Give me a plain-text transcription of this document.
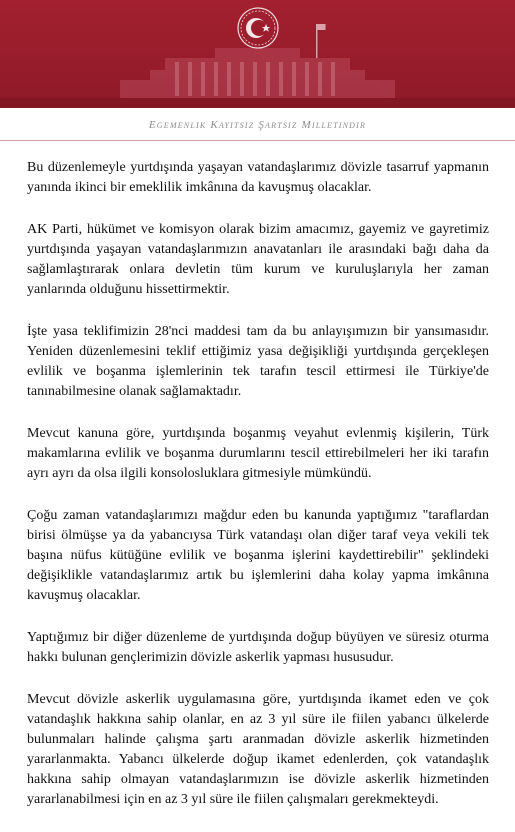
Egemenlik Kayıtsız Şartsız Milletindir

Bu düzenlemeyle yurtdışında yaşayan vatandaşlarımız dövizle tasarruf yapmanın yanında ikinci bir emeklilik imkânına da kavuşmuş olacaklar.

AK Parti, hükümet ve komisyon olarak bizim amacımız, gayemiz ve gayretimiz yurtdışında yaşayan vatandaşlarımızın anavatanları ile arasındaki bağı daha da sağlamlaştırarak onlara devletin tüm kurum ve kuruluşlarıyla her zaman yanlarında olduğunu hissettirmektir.

İşte yasa teklifimizin 28'nci maddesi tam da bu anlayışımızın bir yansımasıdır. Yeniden düzenlemesini teklif ettiğimiz yasa değişikliği yurtdışında gerçekleşen evlilik ve boşanma işlemlerinin tek tarafın tescil ettirmesi ile Türkiye'de tanınabilmesine olanak sağlamaktadır.

Mevcut kanuna göre, yurtdışında boşanmış veyahut evlenmiş kişilerin, Türk makamlarına evlilik ve boşanma durumlarını tescil ettirebilmeleri her iki tarafın ayrı ayrı da olsa ilgili konsolosluklara gitmesiyle mümkündü.

Çoğu zaman vatandaşlarımızı mağdur eden bu kanunda yaptığımız "taraflardan birisi ölmüşse ya da yabancıysa Türk vatandaşı olan diğer taraf veya vekili tek başına nüfus kütüğüne evlilik ve boşanma işlerini kaydettirebilir" şeklindeki değişiklikle vatandaşlarımız artık bu işlemlerini daha kolay yapma imkânına kavuşmuş olacaklar.

Yaptığımız bir diğer düzenleme de yurtdışında doğup büyüyen ve süresiz oturma hakkı bulunan gençlerimizin dövizle askerlik yapması hususudur.

Mevcut dövizle askerlik uygulamasına göre, yurtdışında ikamet eden ve çok vatandaşlık hakkına sahip olanlar, en az 3 yıl süre ile fiilen yabancı ülkelerde bulunmaları halinde çalışma şartı aranmadan dövizle askerlik hizmetinden yararlanmakta. Yabancı ülkelerde doğup ikamet edenlerden, çok vatandaşlık hakkına sahip olmayan vatandaşlarımızın ise dövizle askerlik hizmetinden yararlanabilmesi için en az 3 yıl süre ile fiilen çalışmaları gerekmekteydi.
